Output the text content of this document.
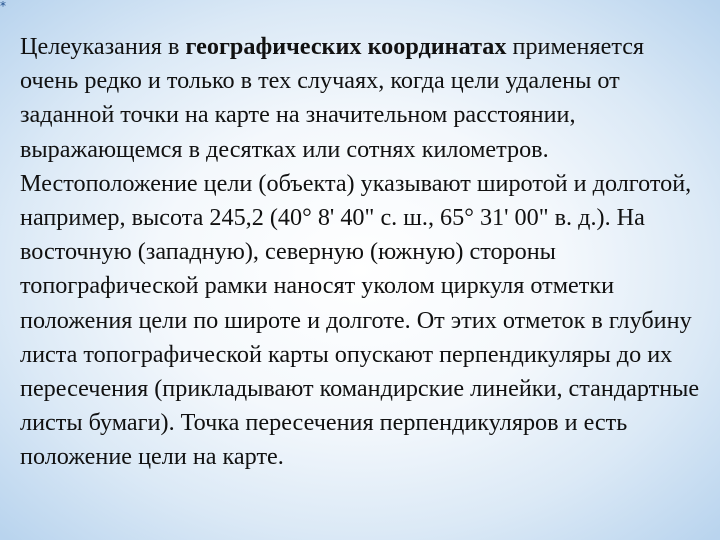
*

Целеуказания в географических координатах применяется очень редко и только в тех случаях, когда цели удалены от заданной точки на карте на значительном расстоянии, выражающемся в десятках или сотнях километров. Местоположение цели (объекта) указывают широтой и долготой, например, высота 245,2 (40° 8' 40" с. ш., 65° 31' 00" в. д.). На восточную (западную), северную (южную) стороны топографической рамки наносят уколом циркуля отметки положения цели по широте и долготе. От этих отметок в глубину листа топографической карты опускают перпендикуляры до их пересечения (прикладывают командирские линейки, стандартные листы бумаги). Точка пересечения перпендикуляров и есть положение цели на карте.
